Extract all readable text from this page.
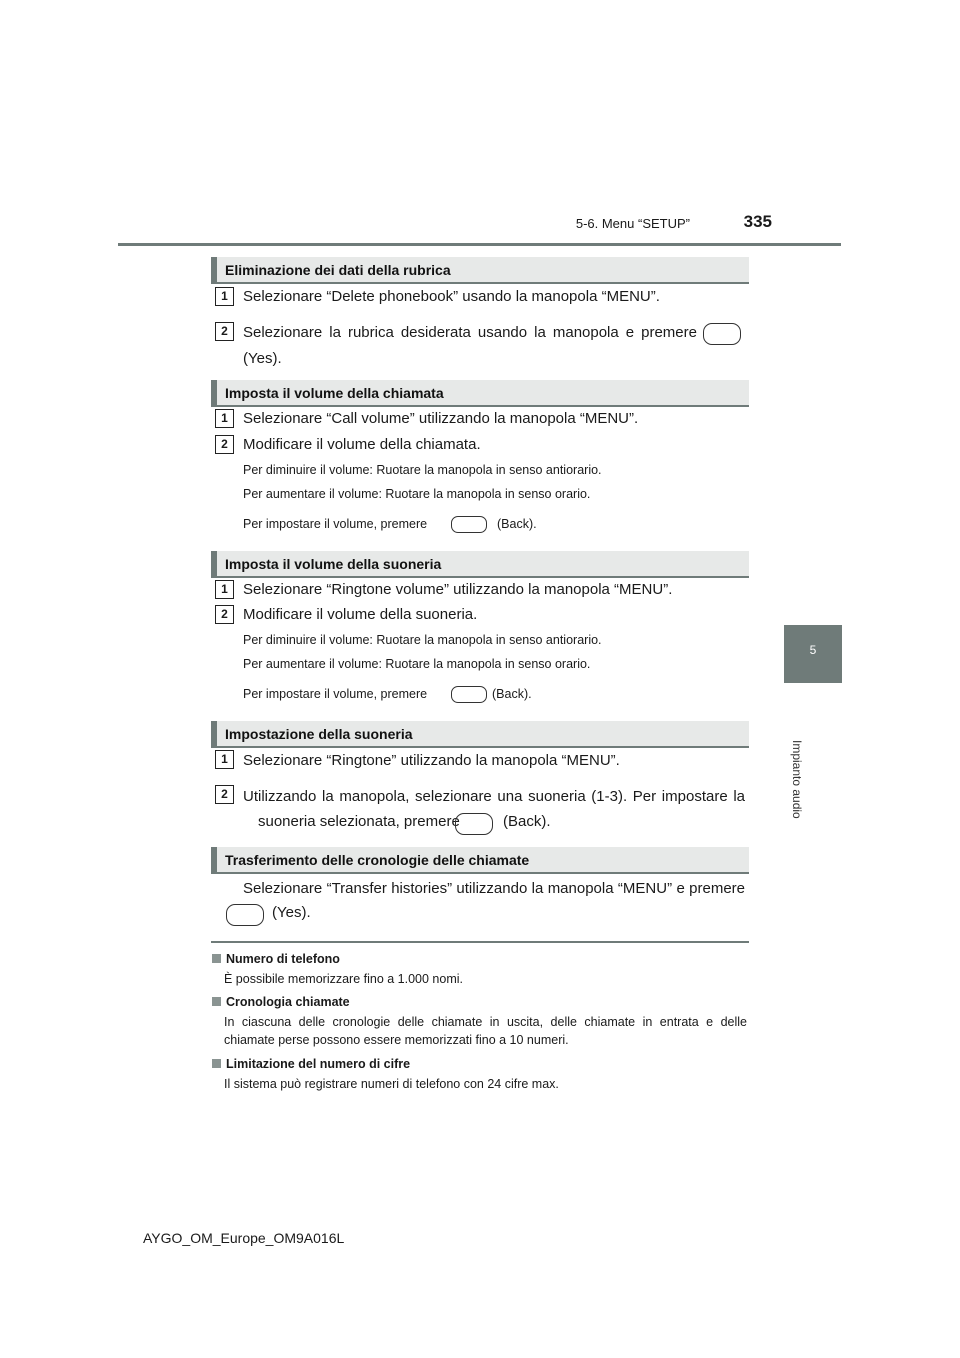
5-6. Menu “SETUP”	335
5
Impianto audio
Eliminazione dei dati della rubrica
1	Selezionare “Delete phonebook” usando la manopola “MENU”.
2	Selezionare la rubrica desiderata usando la manopola e premere
(Yes).
Imposta il volume della chiamata
1	Selezionare “Call volume” utilizzando la manopola “MENU”.
2	Modificare il volume della chiamata.
Per diminuire il volume: Ruotare la manopola in senso antiorario.
Per aumentare il volume: Ruotare la manopola in senso orario.
Per impostare il volume, premere	(Back).
Imposta il volume della suoneria
1	Selezionare “Ringtone volume” utilizzando la manopola “MENU”.
2	Modificare il volume della suoneria.
Per diminuire il volume: Ruotare la manopola in senso antiorario.
Per aumentare il volume: Ruotare la manopola in senso orario.
Per impostare il volume, premere	(Back).
Impostazione della suoneria
1	Selezionare “Ringtone” utilizzando la manopola “MENU”.
2	Utilizzando la manopola, selezionare una suoneria (1-3). Per impostare la
suoneria selezionata, premere	(Back).
Trasferimento delle cronologie delle chiamate
Selezionare “Transfer histories” utilizzando la manopola “MENU” e premere
(Yes).
Numero di telefono
È possibile memorizzare fino a 1.000 nomi.
Cronologia chiamate
In ciascuna delle cronologie delle chiamate in uscita, delle chiamate in entrata e delle chiamate perse possono essere memorizzati fino a 10 numeri.
Limitazione del numero di cifre
Il sistema può registrare numeri di telefono con 24 cifre max.
AYGO_OM_Europe_OM9A016L
